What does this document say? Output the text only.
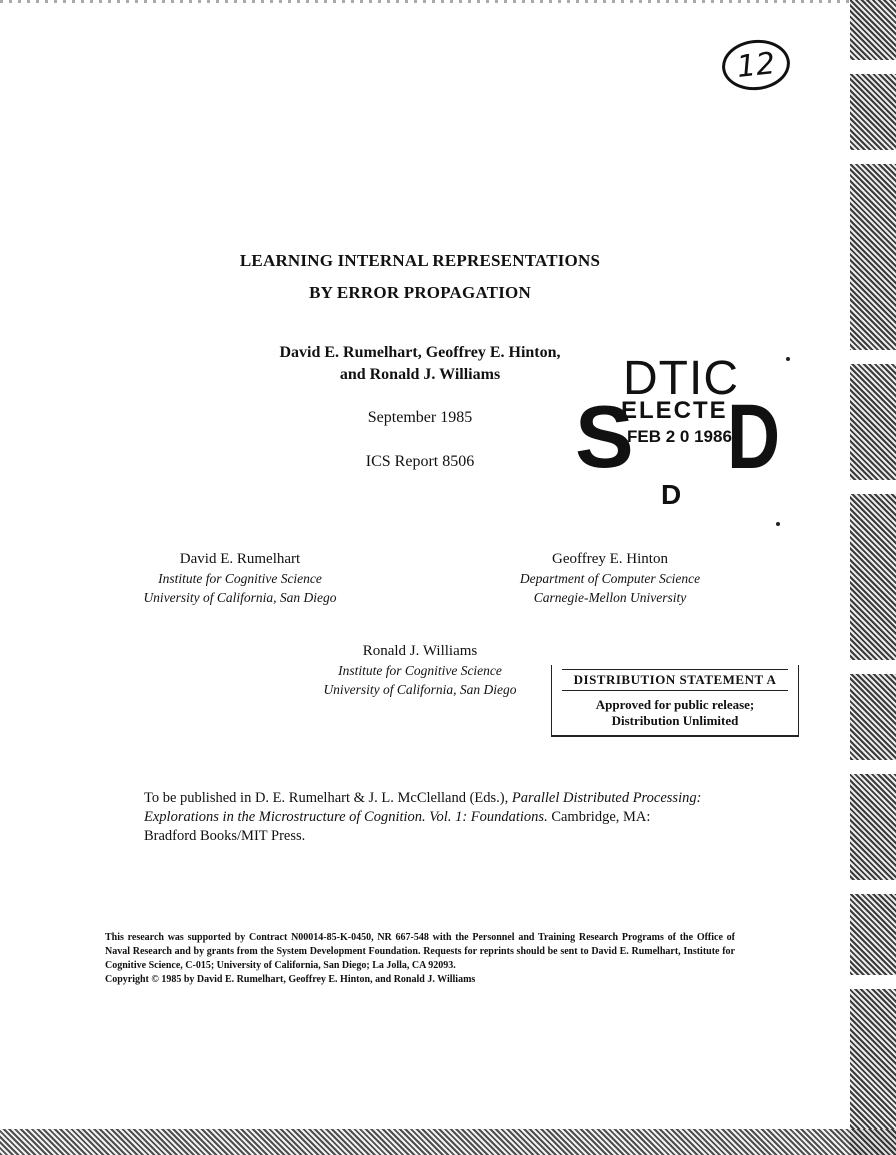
12
LEARNING INTERNAL REPRESENTATIONS
BY ERROR PROPAGATION
David E. Rumelhart, Geoffrey E. Hinton,
and Ronald J. Williams
September 1985
ICS Report 8506
DTIC
S
ELECTE
FEB 2 0 1986
D
D
David E. Rumelhart
Institute for Cognitive Science
University of California, San Diego
Geoffrey E. Hinton
Department of Computer Science
Carnegie-Mellon University
Ronald J. Williams
Institute for Cognitive Science
University of California, San Diego
DISTRIBUTION STATEMENT A
Approved for public release;
Distribution Unlimited
To be published in D. E. Rumelhart & J. L. McClelland (Eds.), Parallel Distributed Processing: Explorations in the Microstructure of Cognition. Vol. 1: Foundations. Cambridge, MA: Bradford Books/MIT Press.
This research was supported by Contract N00014-85-K-0450, NR 667-548 with the Personnel and Training Research Programs of the Office of Naval Research and by grants from the System Development Foundation. Requests for reprints should be sent to David E. Rumelhart, Institute for Cognitive Science, C-015; University of California, San Diego; La Jolla, CA 92093.
Copyright © 1985 by David E. Rumelhart, Geoffrey E. Hinton, and Ronald J. Williams
